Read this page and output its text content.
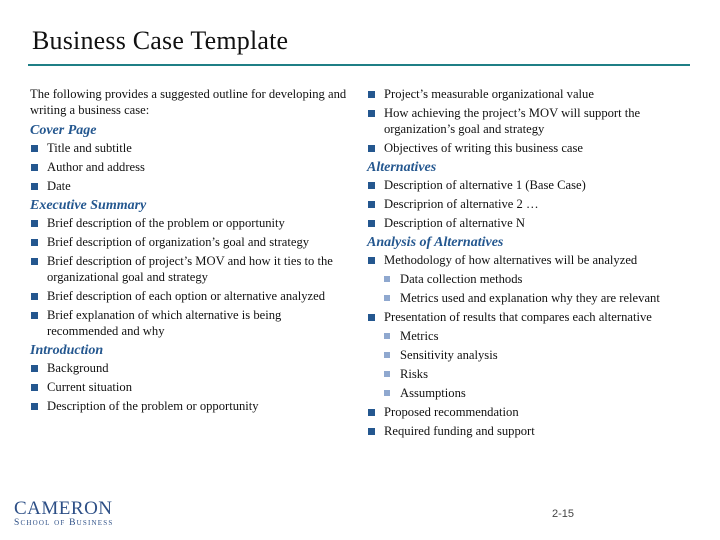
Business Case Template

The following provides a suggested outline for developing and writing a business case:

Cover Page
Title and subtitle
Author and address
Date
Executive Summary
Brief description of the problem or opportunity
Brief description of organization’s goal and strategy
Brief description of project’s MOV and how it ties to the organizational goal and strategy
Brief description of each option or alternative analyzed
Brief explanation of which alternative is being recommended and why
Introduction
Background
Current situation
Description of the problem or opportunity
Project’s measurable organizational value
How achieving the project’s MOV will support the organization’s goal and strategy
Objectives of writing this business case
Alternatives
Description of alternative 1 (Base Case)
Descriprion of alternative 2 …
Description of alternative N
Analysis of Alternatives
Methodology of how alternatives will be analyzed
Data collection methods
Metrics used and explanation why they are relevant
Presentation of results that compares each alternative
Metrics
Sensitivity analysis
Risks
Assumptions
Proposed recommendation
Required funding and support
CAMERON
School of Business
2-15
